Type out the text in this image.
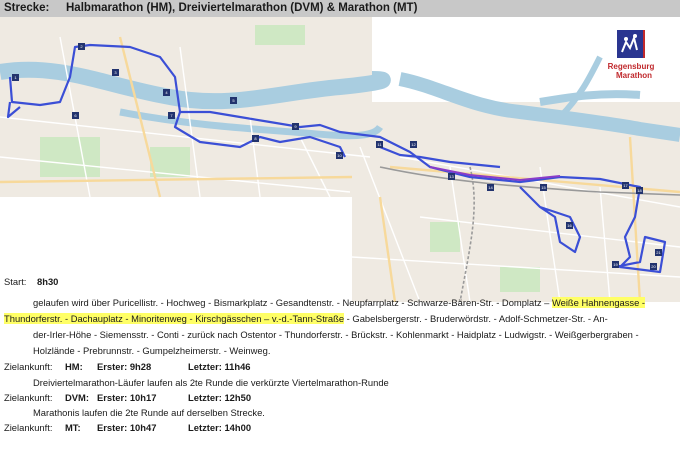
Strecke: Halbmarathon (HM), Dreiviertelmarathon (DVM) & Marathon (MT)
1
2
3
4
5
6	7
8
9
10
11	12
13
14	15
16
17
18
19	20
21
Regensburg
Marathon
Start: 8h30
gelaufen wird über Puricellistr. - Hochweg - Bismarkplatz - Gesandtenstr. - Neupfarrplatz - Schwarze-Bären-Str. - Domplatz – Weiße Hahnengasse -
Thundorferstr. - Dachauplatz - Minoritenweg - Kirschgässchen – v.-d.-Tann-Straße - Gabelsbergerstr. - Bruderwördstr. - Adolf-Schmetzer-Str. - An-
der-Irler-Höhe - Siemensstr. - Conti - zurück nach Ostentor - Thundorferstr. - Brückstr. - Kohlenmarkt - Haidplatz - Ludwigstr. - Weißgerbergraben -
Holzlände - Prebrunnstr. - Gumpelzheimerstr. - Weinweg.
Zielankunft: HM: Erster: 9h28	Letzter: 11h46
Dreiviertelmarathon-Läufer laufen als 2te Runde die verkürzte Viertelmarathon-Runde
Zielankunft: DVM: Erster: 10h17	Letzter: 12h50
Marathonis laufen die 2te Runde auf derselben Strecke.
Zielankunft: MT: Erster: 10h47	Letzter: 14h00
